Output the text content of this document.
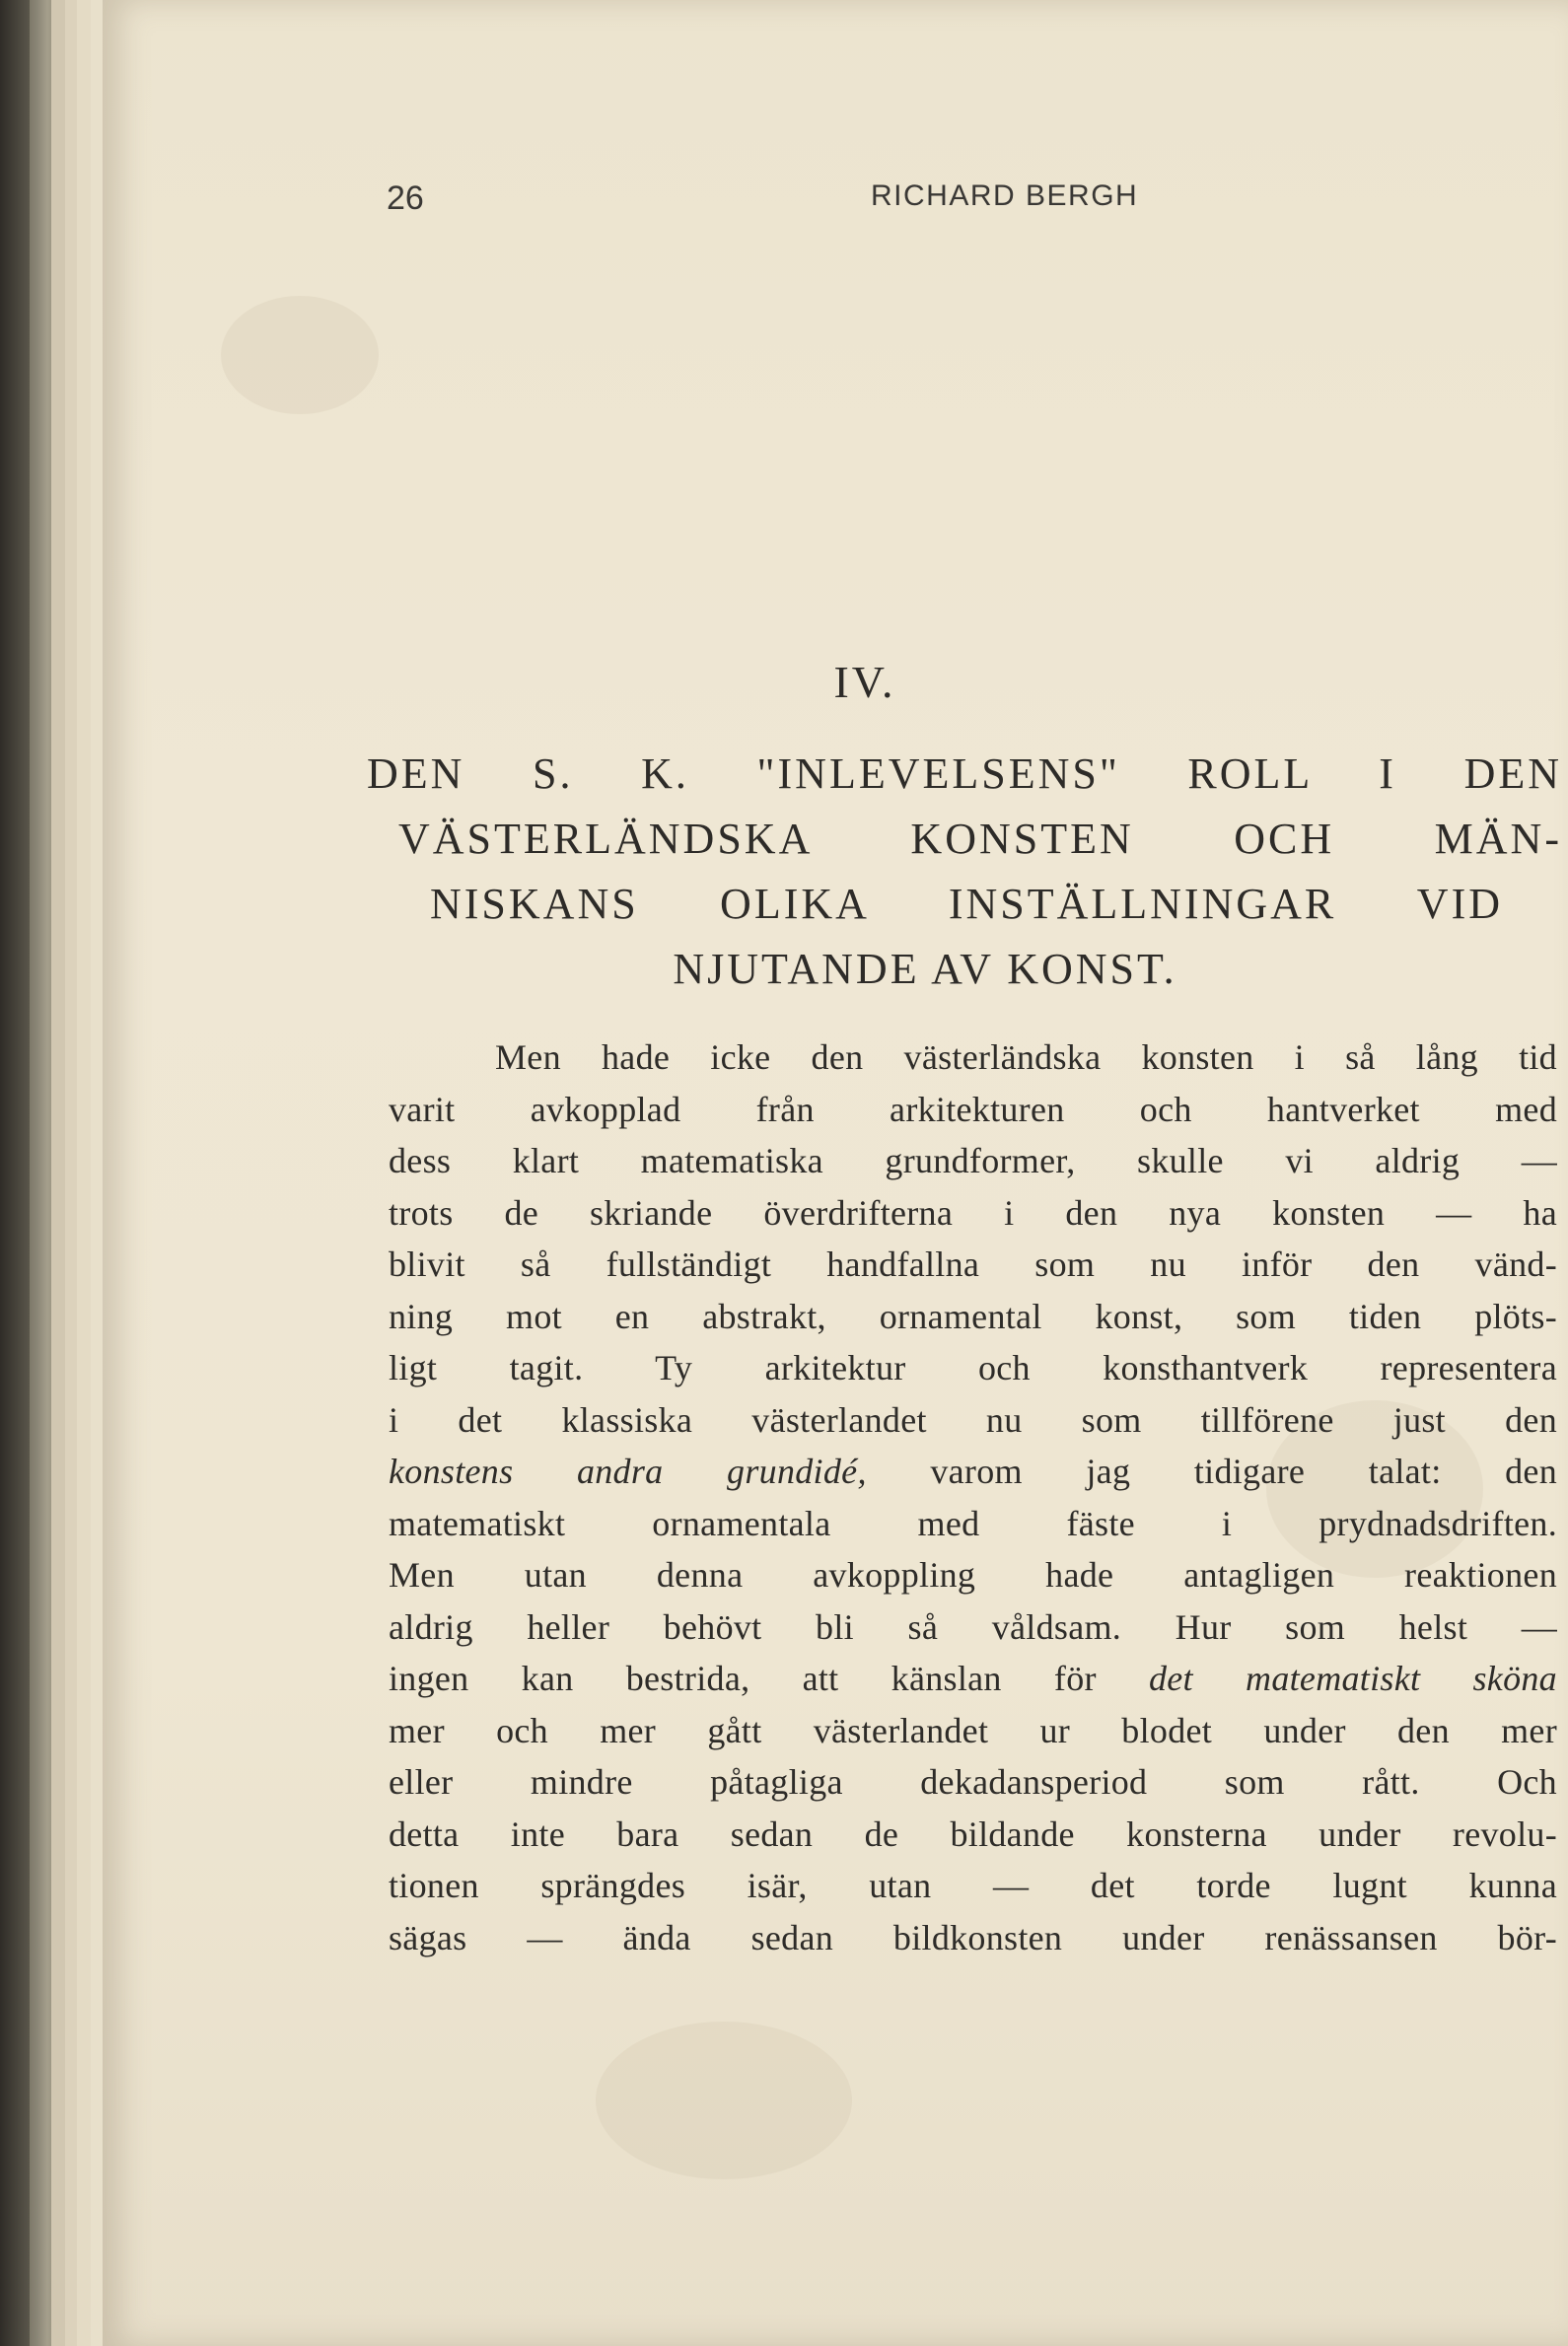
26	RICHARD BERGH
IV.
DEN S. K. "INLEVELSENS" ROLL I DEN
VÄSTERLÄNDSKA KONSTEN OCH MÄN-
NISKANS OLIKA INSTÄLLNINGAR VID
NJUTANDE AV KONST.
Men hade icke den västerländska konsten i så lång tid
varit avkopplad från arkitekturen och hantverket med
dess klart matematiska grundformer, skulle vi aldrig —
trots de skriande överdrifterna i den nya konsten — ha
blivit så fullständigt handfallna som nu inför den vänd-
ning mot en abstrakt, ornamental konst, som tiden plöts-
ligt tagit. Ty arkitektur och konsthantverk representera
i det klassiska västerlandet nu som tillförene just den
konstens andra grundidé, varom jag tidigare talat: den
matematiskt ornamentala med fäste i prydnadsdriften.
Men utan denna avkoppling hade antagligen reaktionen
aldrig heller behövt bli så våldsam. Hur som helst —
ingen kan bestrida, att känslan för det matematiskt sköna
mer och mer gått västerlandet ur blodet under den mer
eller mindre påtagliga dekadansperiod som rått. Och
detta inte bara sedan de bildande konsterna under revolu-
tionen sprängdes isär, utan — det torde lugnt kunna
sägas — ända sedan bildkonsten under renässansen bör-
